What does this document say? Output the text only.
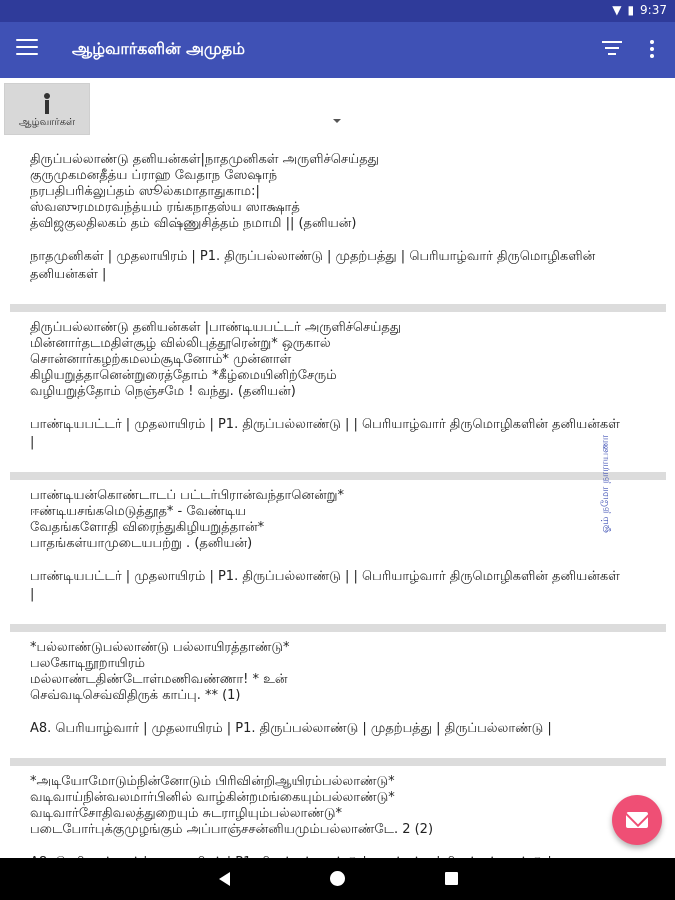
▼ ▮ 9:37
ஆழ்வார்களின் அமுதம்
ஆழ்வார்கள்
திருப்பல்லாண்டு தனியன்கள்|நாதமுனிகள் அருளிச்செய்தது
குருமுகமனதீத்ய ப்ராஹ வேதாந ஸேஷாந்
நரபதிபரிக்லுப்தம் ஸூல்கமாதாதுகாம:|
ஸ்வஸுரமமரவந்த்யம் ரங்கநாதஸ்ய ஸாக்ஷாத்
த்விஜகுலதிலகம் தம் விஷ்ணுசித்தம் நமாமி || (தனியன்)
நாதமுனிகள் | முதலாயிரம் | P1. திருப்பல்லாண்டு | முதற்பத்து | பெரியாழ்வார் திருமொழிகளின் தனியன்கள் |
திருப்பல்லாண்டு தனியன்கள் |பாண்டியபட்டர் அருளிச்செய்தது
மின்னார்தடமதிள்சூழ் வில்லிபுத்தூரென்று* ஒருகால்
சொன்னார்கழற்கமலம்சூடினோம்* முன்னாள்
கிழியறுத்தானென்றுரைத்தோம் *கீழ்மையினிற்சேரும்
வழியறுத்தோம் நெஞ்சமே ! வந்து. (தனியன்)
பாண்டியபட்டர் | முதலாயிரம் | P1. திருப்பல்லாண்டு | | பெரியாழ்வார் திருமொழிகளின் தனியன்கள் |
பாண்டியன்கொண்டாடப் பட்டர்பிரான்வந்தானென்று*
ஈண்டியசங்கமெடுத்தூத* - வேண்டிய
வேதங்களோதி விரைந்துகிழியறுத்தான்*
பாதங்கள்யாமுடையபற்று . (தனியன்)
பாண்டியபட்டர் | முதலாயிரம் | P1. திருப்பல்லாண்டு | | பெரியாழ்வார் திருமொழிகளின் தனியன்கள் |
*பல்லாண்டுபல்லாண்டு பல்லாயிரத்தாண்டு*
பலகோடிநூறாயிரம்
மல்லாண்டதிண்டோள்மணிவண்ணா! * உன்
செவ்வடிசெவ்விதிருக் காப்பு. ** (1)
A8. பெரியாழ்வார் | முதலாயிரம் | P1. திருப்பல்லாண்டு | முதற்பத்து | திருப்பல்லாண்டு |
*அடியோமோடும்நின்னோடும் பிரிவின்றிஆயிரம்பல்லாண்டு*
வடிவாய்நின்வலமார்பினில் வாழ்கின்றமங்கையும்பல்லாண்டு*
வடிவார்சோதிவலத்துறையும் சுடராழியும்பல்லாண்டு*
படைபோர்புக்குமுழங்கும் அப்பாஞ்சசன்னியமும்பல்லாண்டே. 2 (2)
ஓம் நமோ நாராயணா
